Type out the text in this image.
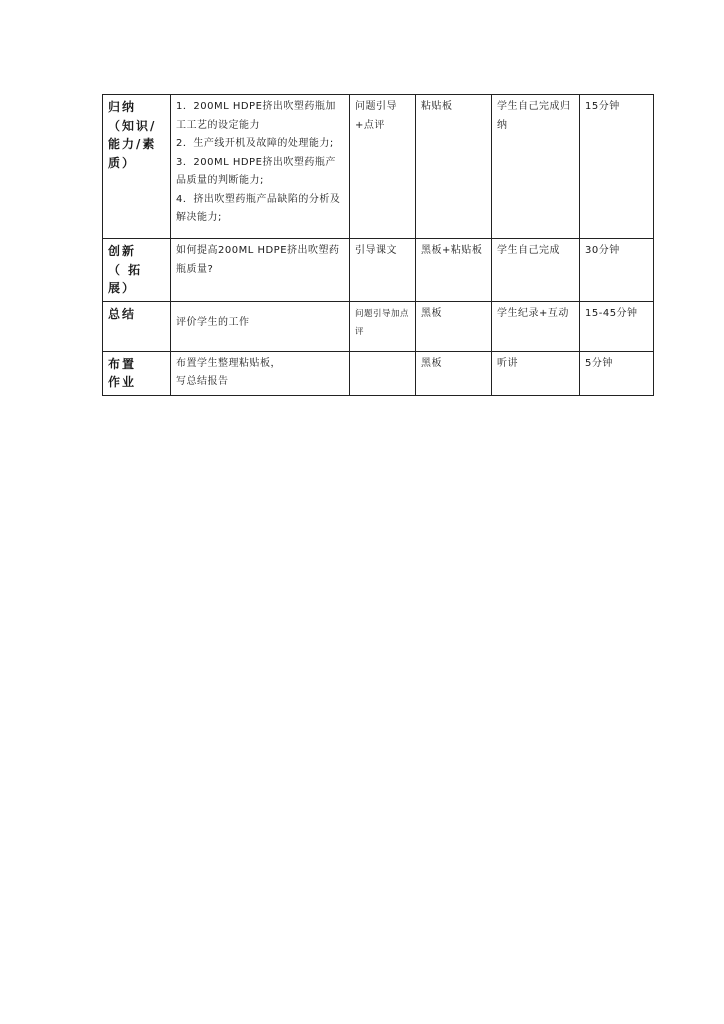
归纳
（知识/
能力/素
质）	1．200ML HDPE挤出吹塑药瓶加工工艺的设定能力
2．生产线开机及故障的处理能力;
3．200ML HDPE挤出吹塑药瓶产品质量的判断能力;
4．挤出吹塑药瓶产品缺陷的分析及解决能力;	问题引导+点评	粘贴板	学生自己完成归纳	15分钟

创新
（ 拓
展）	如何提高200ML HDPE挤出吹塑药瓶质量?	引导课文	黑板+粘贴板	学生自己完成	30分钟

总结	评价学生的工作	问题引导加点评	黑板	学生纪录+互动	15-45分钟

布置
作业	布置学生整理粘贴板，
写总结报告		黑板	听讲	5分钟
